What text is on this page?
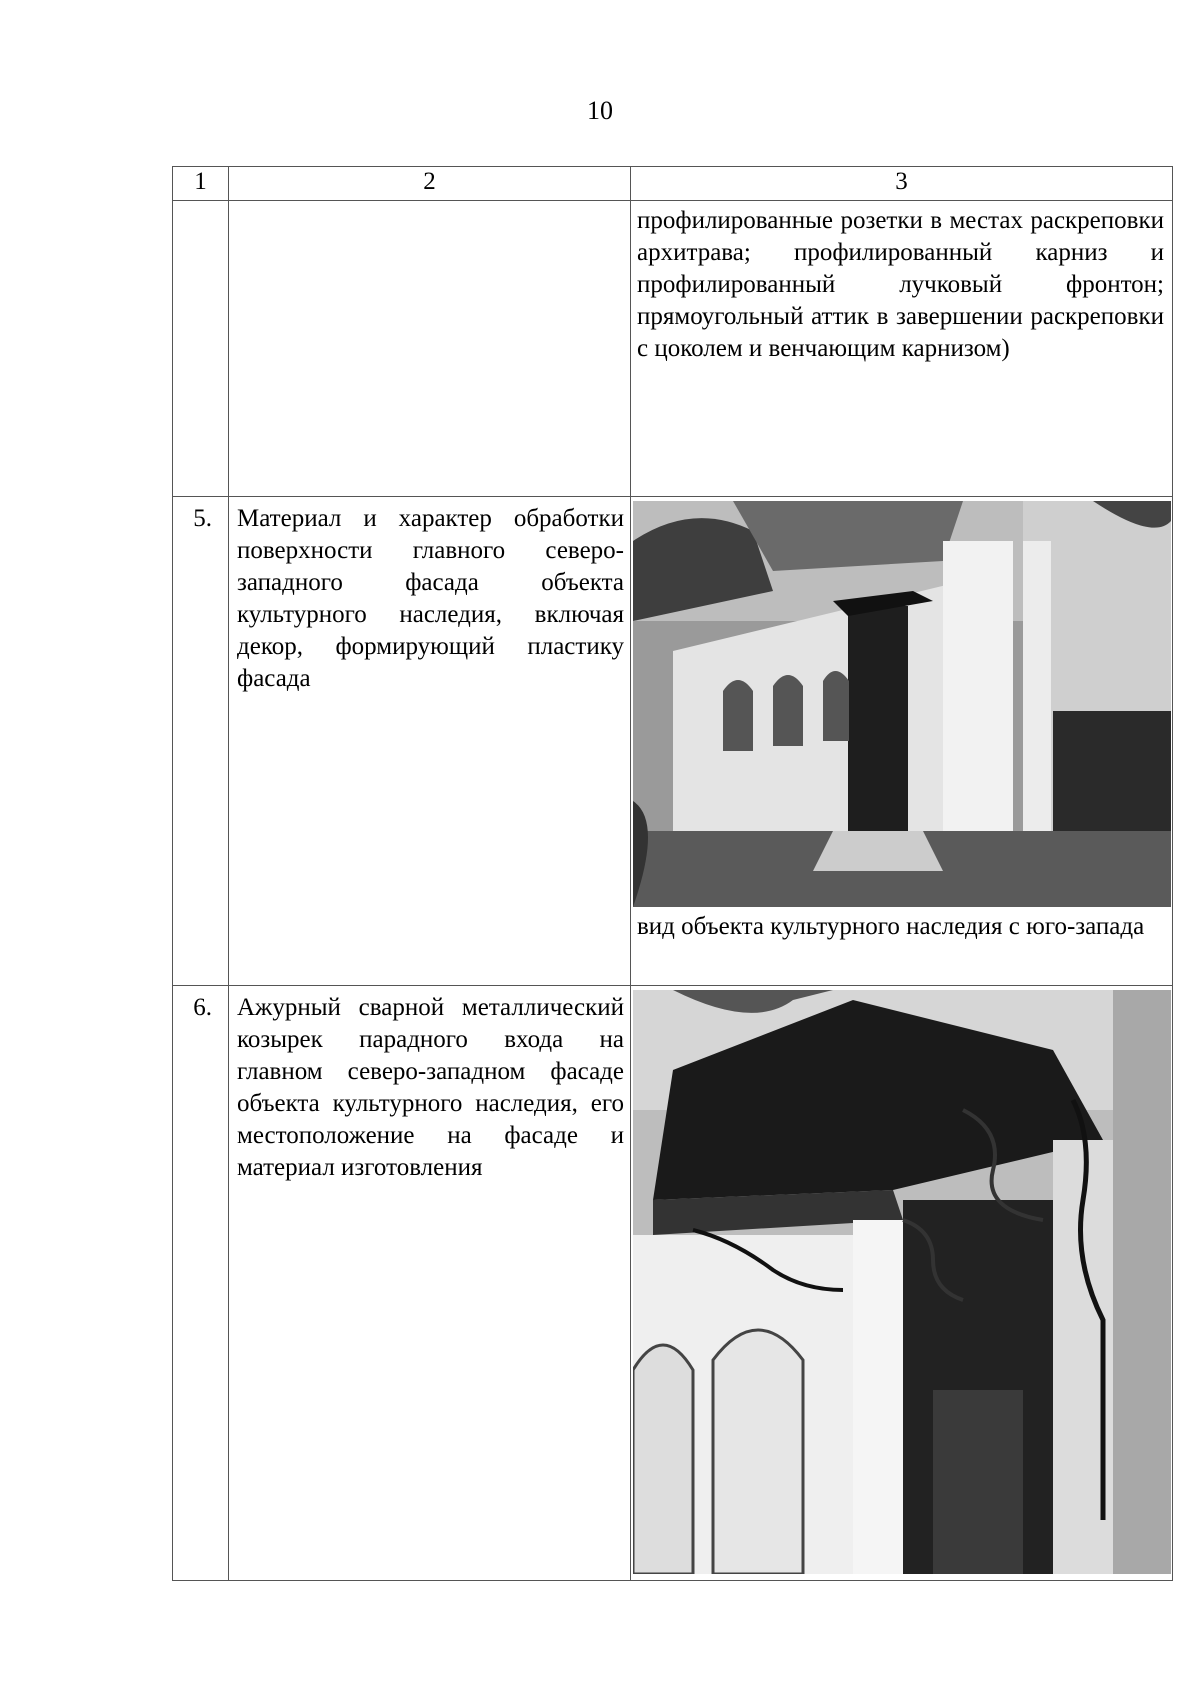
10
1	2	3
		профилированные розетки в местах раскреповки архитрава; профилированный карниз и профилированный лучковый фронтон; прямоугольный аттик в завершении раскреповки с цоколем и венчающим карнизом)
5.	Материал и характер обработки поверхности главного северо-западного фасада объекта культурного наследия, включая декор, формирующий пластику фасада	вид объекта культурного наследия с юго-запада

6.	Ажурный сварной металлический козырек парадного входа на главном северо-западном фасаде объекта культурного наследия, его местоположение на фасаде и материал изготовления	
